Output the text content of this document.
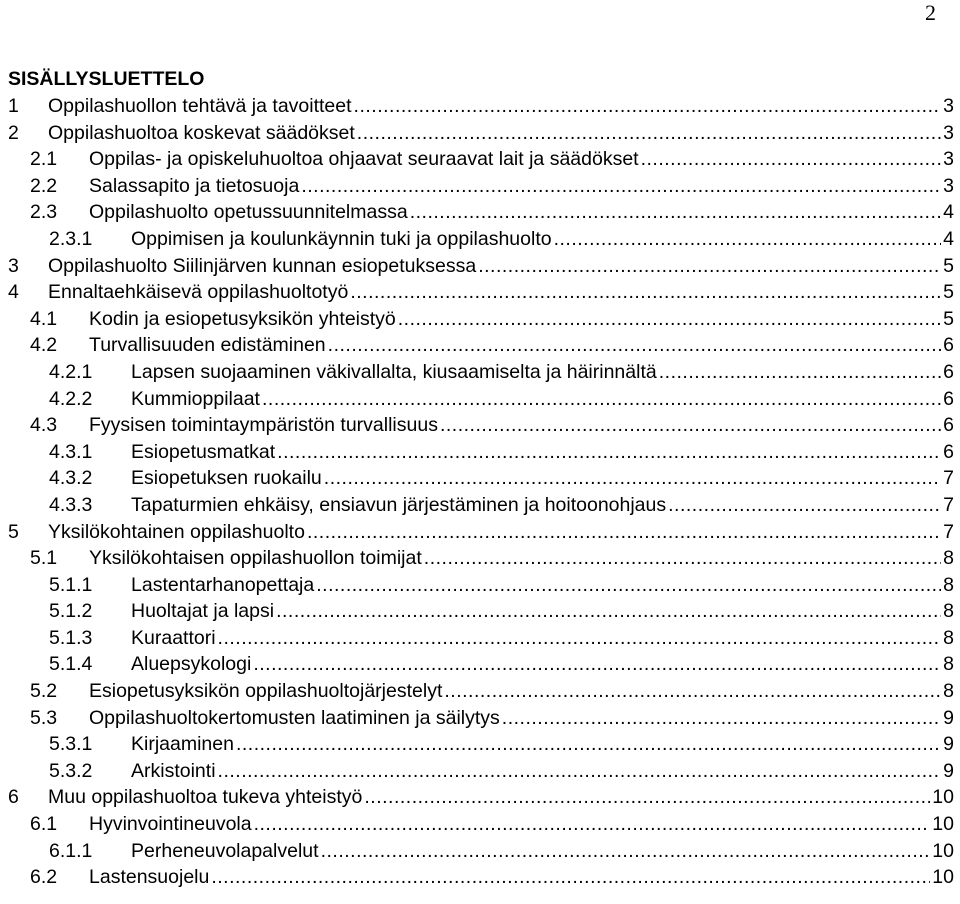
2
SISÄLLYSLUETTELO
1	Oppilashuollon tehtävä ja tavoitteet .....	3
2	Oppilashuoltoa koskevat säädökset .....	3
2.1	Oppilas- ja opiskeluhuoltoa ohjaavat seuraavat lait ja säädökset .....	3
2.2	Salassapito ja tietosuoja .....	3
2.3	Oppilashuolto opetussuunnitelmassa .....	4
2.3.1	Oppimisen ja koulunkäynnin tuki ja oppilashuolto .....	4
3	Oppilashuolto Siilinjärven kunnan esiopetuksessa .....	5
4	Ennaltaehkäisevä oppilashuoltotyö .....	5
4.1	Kodin ja esiopetusyksikön yhteistyö .....	5
4.2	Turvallisuuden edistäminen .....	6
4.2.1	Lapsen suojaaminen väkivallalta, kiusaamiselta ja häirinnältä .....	6
4.2.2	Kummioppilaat .....	6
4.3	Fyysisen toimintaympäristön turvallisuus .....	6
4.3.1	Esiopetusmatkat .....	6
4.3.2	Esiopetuksen ruokailu .....	7
4.3.3	Tapaturmien ehkäisy, ensiavun järjestäminen ja hoitoonohjaus .....	7
5	Yksilökohtainen oppilashuolto .....	7
5.1	Yksilökohtaisen oppilashuollon toimijat .....	8
5.1.1	Lastentarhanopettaja .....	8
5.1.2	Huoltajat ja lapsi .....	8
5.1.3	Kuraattori .....	8
5.1.4	Aluepsykologi .....	8
5.2	Esiopetusyksikön oppilashuoltojärjestelyt .....	8
5.3	Oppilashuoltokertomusten laatiminen ja säilytys .....	9
5.3.1	Kirjaaminen .....	9
5.3.2	Arkistointi .....	9
6	Muu oppilashuoltoa tukeva yhteistyö .....	10
6.1	Hyvinvointineuvola .....	10
6.1.1	Perheneuvolapalvelut .....	10
6.2	Lastensuojelu .....	10
